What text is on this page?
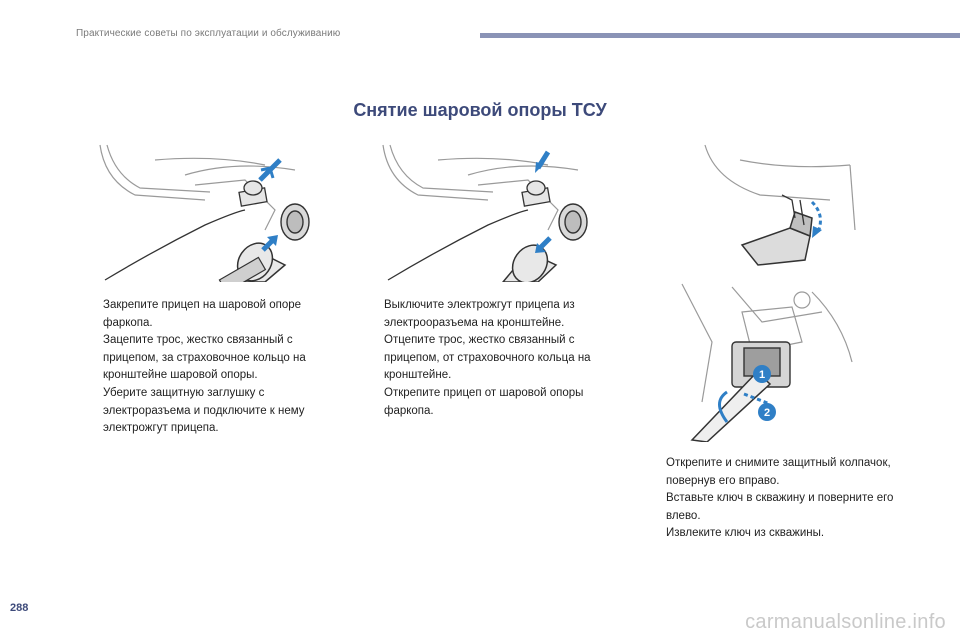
Практические советы по эксплуатации и обслуживанию
Снятие шаровой опоры ТСУ
1
2
Закрепите прицеп на шаровой опоре фаркопа.
Зацепите трос, жестко связанный с прицепом, за страховочное кольцо на кронштейне шаровой опоры.
Уберите защитную заглушку с электроразъема и подключите к нему электрожгут прицепа.
Выключите электрожгут прицепа из электрооразъема на кронштейне.
Отцепите трос, жестко связанный с прицепом, от страховочного кольца на кронштейне.
Открепите прицеп от шаровой опоры фаркопа.
Открепите и снимите защитный колпачок, повернув его вправо.
Вставьте ключ в скважину и поверните его влево.
Извлеките ключ из скважины.
288
carmanualsonline.info
